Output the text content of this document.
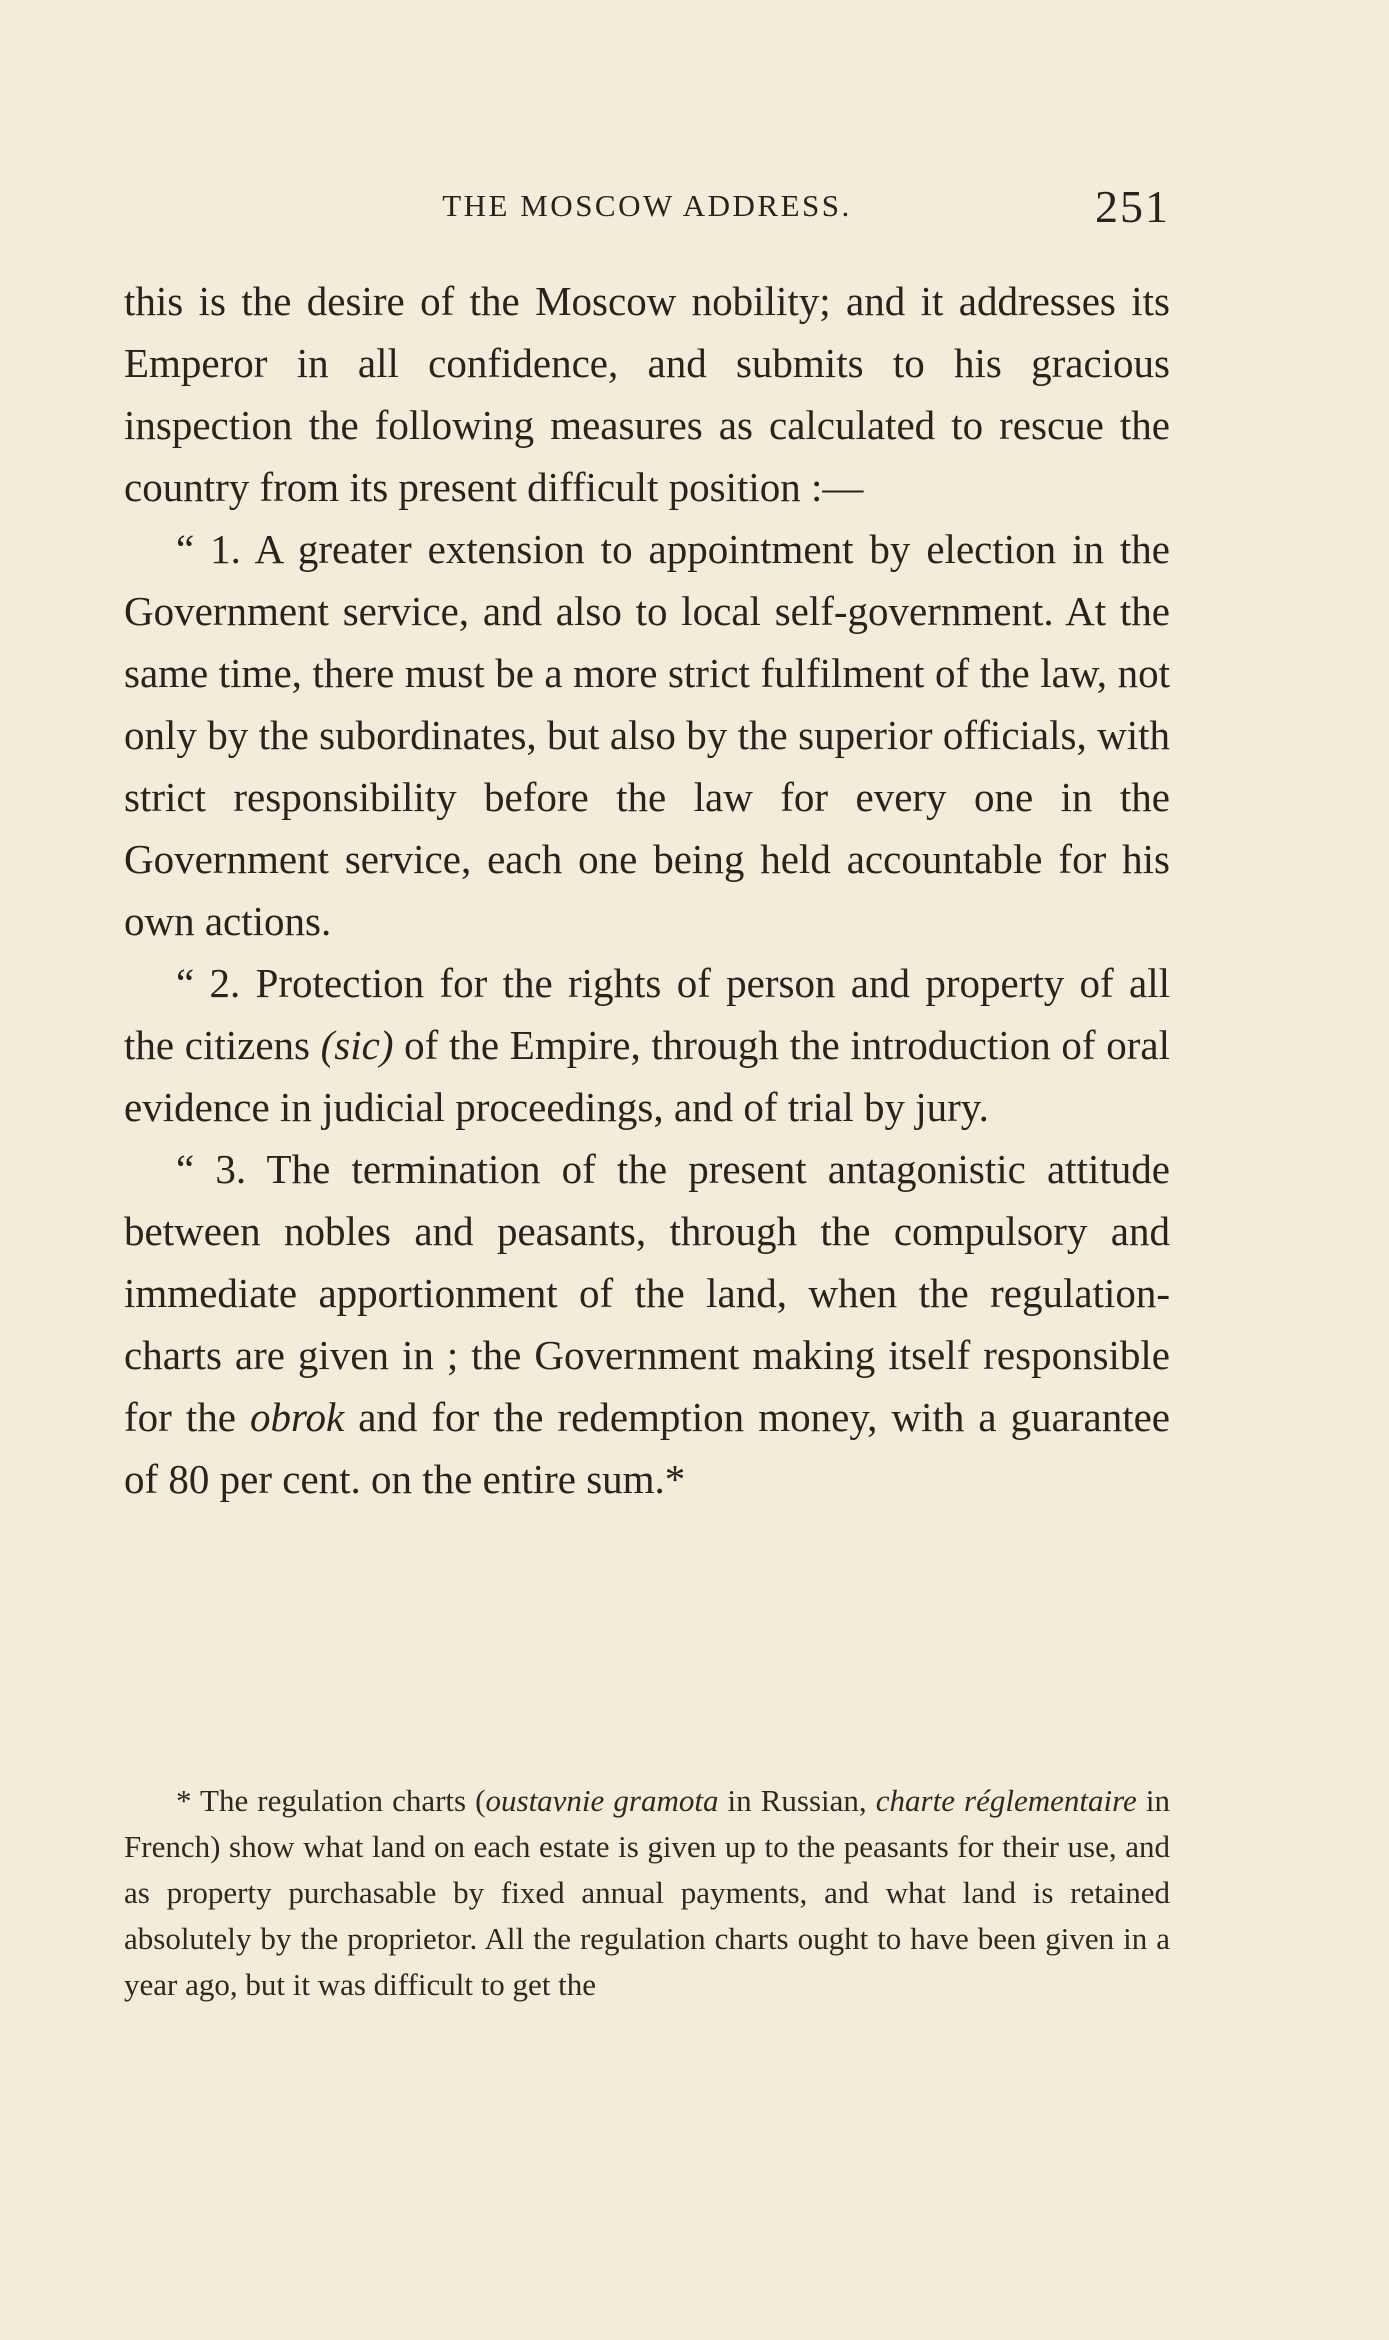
THE MOSCOW ADDRESS.	251

this is the desire of the Moscow nobility; and it addresses its Emperor in all confidence, and submits to his gracious inspection the following measures as calculated to rescue the country from its present difficult position :—

“ 1. A greater extension to appointment by election in the Government service, and also to local self-government. At the same time, there must be a more strict fulfilment of the law, not only by the subordinates, but also by the superior officials, with strict responsibility before the law for every one in the Government service, each one being held accountable for his own actions.

“ 2. Protection for the rights of person and property of all the citizens (sic) of the Empire, through the introduction of oral evidence in judicial proceedings, and of trial by jury.

“ 3. The termination of the present antagonistic attitude between nobles and peasants, through the compulsory and immediate apportionment of the land, when the regulation-charts are given in ; the Government making itself responsible for the obrok and for the redemption money, with a guarantee of 80 per cent. on the entire sum.*

* The regulation charts (oustavnie gramota in Russian, charte réglementaire in French) show what land on each estate is given up to the peasants for their use, and as property purchasable by fixed annual payments, and what land is retained absolutely by the proprietor. All the regulation charts ought to have been given in a year ago, but it was difficult to get the
